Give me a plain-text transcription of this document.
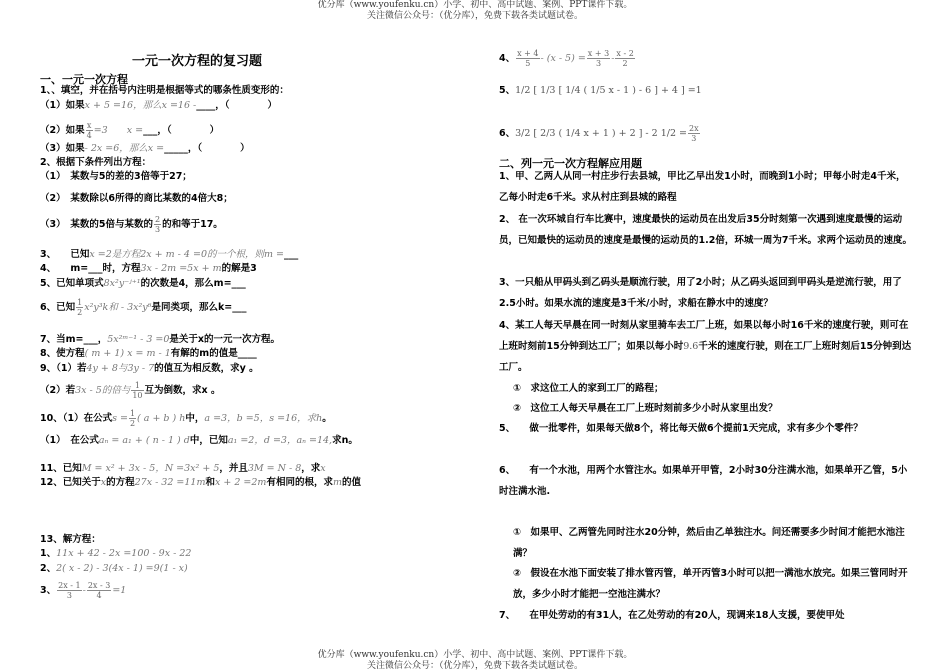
优分库（www.youfenku.cn）小学、初中、高中试题、案例、PPT课件下载。
关注微信公众号：（优分库），免费下载各类试题试卷。
一元一次方程的复习题
一、一元一次方程
1、、填空，并在括号内注明是根据等式的哪条性质变形的：
（1）如果x + 5 =16，那么x =16 -____，（　　　　）
（2）如果 $\frac{x}{4} =3$　　x =___，（　　　　）
（3）如果- 2x =6，那么x =_____，（　　　　）
2、根据下条件列出方程：
（1）　某数与5的差的3倍等于27；
（2）　某数除以6所得的商比某数的4倍大8；
（3）　某数的5倍与某数的 $\frac{2}{3}$ 的和等于17。
3、　　已知x =2是方程2x + m - 4 =0的一个根，则m =___
4、　　m=___时，方程3x - 2m =5x + m的解是3
5、已知单项式8x²y⁻ʲ⁺¹的次数是4，那么m=___
6、已知 $\frac{1}{2} x^2y^3k$和 - 3x²y⁶是同类项，那么k=___
7、当m=___，5x²ᵐ⁻¹ - 3 =0是关于x的一元一次方程。
8、使方程( m + 1) x = m - 1有解的m的值是____
9、（1）若4y + 8与3y - 7的值互为相反数，求y 。
（2）若3x - 5的倍与 $\frac{1}{10}$ 互为倒数，求x 。
10、（1）在公式$s = \frac{1}{2}$ ( a + b ) h中，a =3，b =5，s =16，求h。
（1）　在公式aₙ = a₁ + ( n - 1 ) d中，已知a₁ =2，d =3，aₙ =14,求n。
11、已知M = x² + 3x - 5，N =3x² + 5，并且3M = N - 8，求x
12、已知关于x的方程27x - 32 =11m和x + 2 =2m有相同的根，求m的值
13、解方程：
1、11x + 42 - 2x =100 - 9x - 22
2、2( x - 2) - 3(4x - 1) =9(1 - x)
3、 $\frac{2x - 1}{3} - \frac{2x - 3}{4} =1$
4、 $\frac{x + 4}{5} - (x - 5) = \frac{x + 3}{3} - \frac{x - 2}{2}$
5、1/2 [ 1/3 [ 1/4 ( 1/5 x - 1 ) - 6 ] + 4 ] =1
6、3/2 [ 2/3 ( 1/4 x + 1 ) + 2 ] - 2 $1/2 = \frac{2x}{3}$
二、列一元一次方程解应用题
1、甲、乙两人从同一村庄步行去县城，甲比乙早出发1小时，而晚到1小时；甲每小时走4千米，乙每小时走6千米。求从村庄到县城的路程
2、 在一次环城自行车比赛中，速度最快的运动员在出发后35分时刻第一次遇到速度最慢的运动员，已知最快的运动员的速度是最慢的运动员的1.2倍，环城一周为7千米。求两个运动员的速度。
3、一只船从甲码头到乙码头是顺流行驶，用了2小时；从乙码头返回到甲码头是逆流行驶，用了2.5小时。如果水流的速度是3千米/小时，求船在静水中的速度？
4、某工人每天早晨在同一时刻从家里骑车去工厂上班，如果以每小时16千米的速度行驶，则可在上班时刻前15分钟到达工厂；如果以每小时9.6千米的速度行驶，则在工厂上班时刻后15分钟到达工厂。
①　求这位工人的家到工厂的路程；
②　这位工人每天早晨在工厂上班时刻前多少小时从家里出发？
5、　　做一批零件，如果每天做8个，将比每天做6个提前1天完成，求有多少个零件？
6、　　有一个水池，用两个水管注水。如果单开甲管，2小时30分注满水池，如果单开乙管，5小时注满水池.
①　如果甲、乙两管先同时注水20分钟，然后由乙单独注水。问还需要多少时间才能把水池注满？
②　假设在水池下面安装了排水管丙管，单开丙管3小时可以把一满池水放完。如果三管同时开放，多少小时才能把一空池注满水？
7、　　在甲处劳动的有31人，在乙处劳动的有20人，现调来18人支援，要使甲处
优分库（www.youfenku.cn）小学、初中、高中试题、案例、PPT课件下载。
关注微信公众号：（优分库），免费下载各类试题试卷。
